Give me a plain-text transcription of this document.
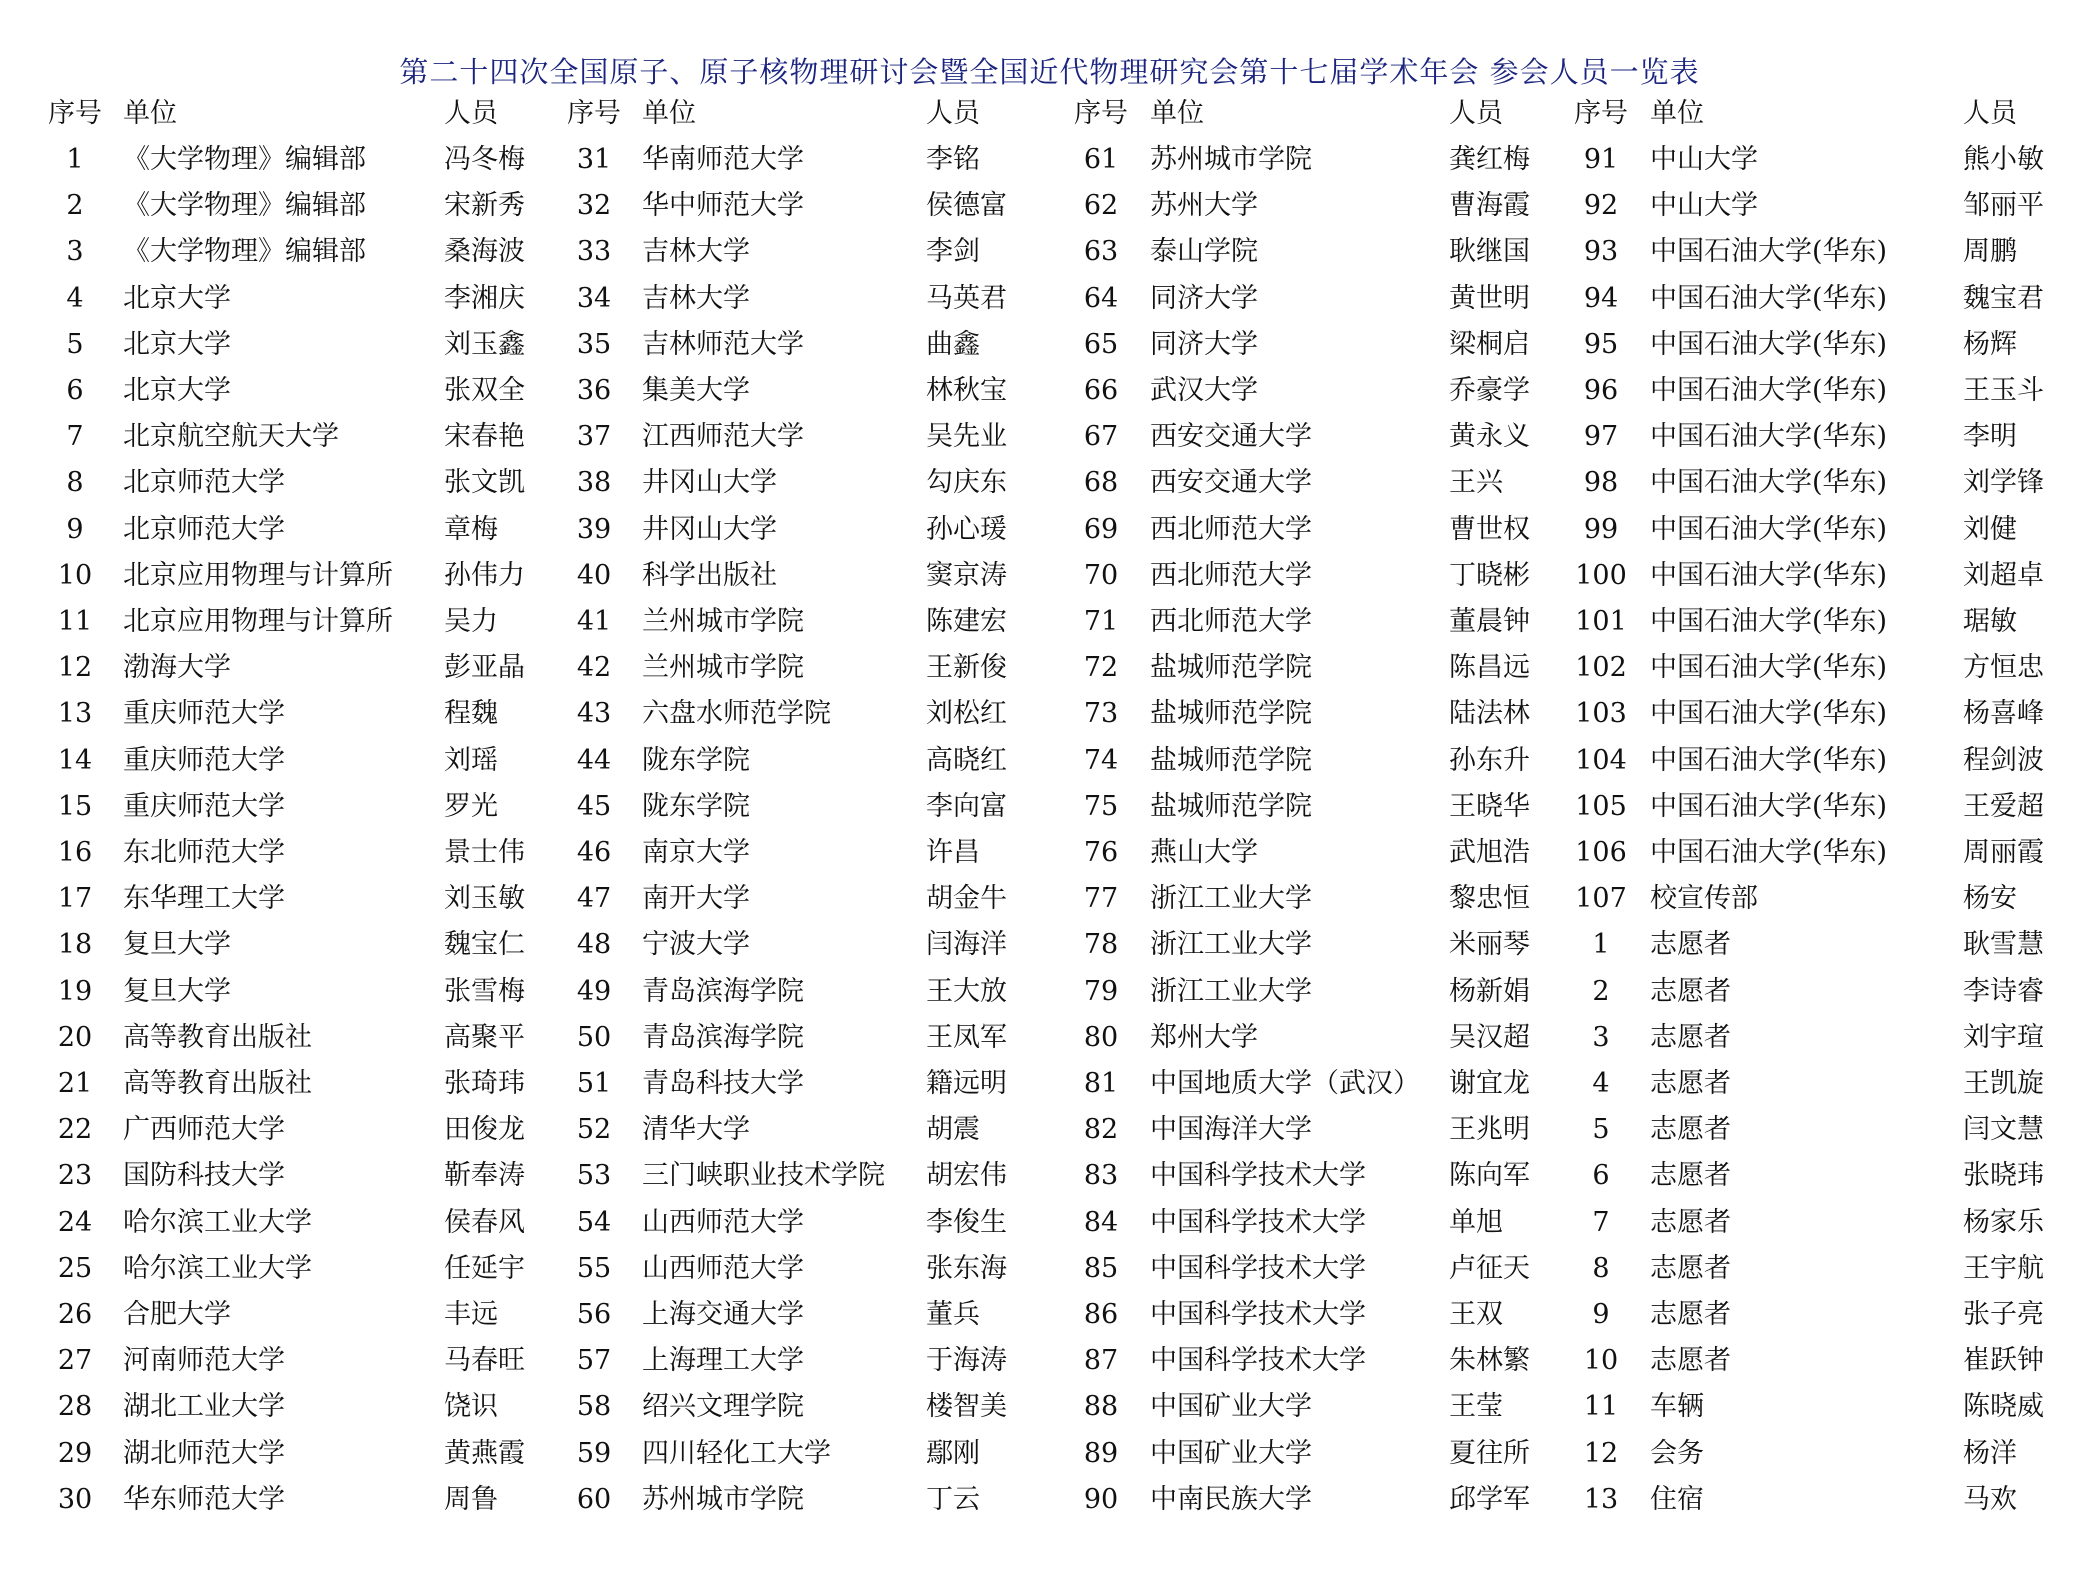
第二十四次全国原子、原子核物理研讨会暨全国近代物理研究会第十七届学术年会 参会人员一览表
序号 单位	人员	序号 单位	人员	序号 单位	人员	序号 单位	人员
1	《大学物理》编辑部	冯冬梅	31	华南师范大学	李铭	61	苏州城市学院	龚红梅	91	中山大学	熊小敏
2	《大学物理》编辑部	宋新秀	32	华中师范大学	侯德富	62	苏州大学	曹海霞	92	中山大学	邹丽平
3	《大学物理》编辑部	桑海波	33	吉林大学	李剑	63	泰山学院	耿继国	93	中国石油大学(华东)	周鹏
4	北京大学	李湘庆	34	吉林大学	马英君	64	同济大学	黄世明	94	中国石油大学(华东)	魏宝君
5	北京大学	刘玉鑫	35	吉林师范大学	曲鑫	65	同济大学	梁桐启	95	中国石油大学(华东)	杨辉
6	北京大学	张双全	36	集美大学	林秋宝	66	武汉大学	乔豪学	96	中国石油大学(华东)	王玉斗
7	北京航空航天大学	宋春艳	37	江西师范大学	吴先业	67	西安交通大学	黄永义	97	中国石油大学(华东)	李明
8	北京师范大学	张文凯	38	井冈山大学	勾庆东	68	西安交通大学	王兴	98	中国石油大学(华东)	刘学锋
9	北京师范大学	章梅	39	井冈山大学	孙心瑗	69	西北师范大学	曹世权	99	中国石油大学(华东)	刘健
10	北京应用物理与计算所 孙伟力	40	科学出版社	窦京涛	70	西北师范大学	丁晓彬	100 中国石油大学(华东)	刘超卓
11	北京应用物理与计算所 吴力	41	兰州城市学院	陈建宏	71	西北师范大学	董晨钟	101 中国石油大学(华东)	琚敏
12	渤海大学	彭亚晶	42	兰州城市学院	王新俊	72	盐城师范学院	陈昌远	102 中国石油大学(华东)	方恒忠
13	重庆师范大学	程魏	43	六盘水师范学院	刘松红	73	盐城师范学院	陆法林	103 中国石油大学(华东)	杨喜峰
14	重庆师范大学	刘瑶	44	陇东学院	高晓红	74	盐城师范学院	孙东升	104 中国石油大学(华东)	程剑波
15	重庆师范大学	罗光	45	陇东学院	李向富	75	盐城师范学院	王晓华	105 中国石油大学(华东)	王爱超
16	东北师范大学	景士伟	46	南京大学	许昌	76	燕山大学	武旭浩	106 中国石油大学(华东)	周丽霞
17	东华理工大学	刘玉敏	47	南开大学	胡金牛	77	浙江工业大学	黎忠恒	107 校宣传部	杨安
18	复旦大学	魏宝仁	48	宁波大学	闫海洋	78	浙江工业大学	米丽琴	1	志愿者	耿雪慧
19	复旦大学	张雪梅	49	青岛滨海学院	王大放	79	浙江工业大学	杨新娟	2	志愿者	李诗睿
20	高等教育出版社	高聚平	50	青岛滨海学院	王凤军	80	郑州大学	吴汉超	3	志愿者	刘宇瑄
21	高等教育出版社	张琦玮	51	青岛科技大学	籍远明	81	中国地质大学（武汉） 谢宜龙	4	志愿者	王凯旋
22	广西师范大学	田俊龙	52	清华大学	胡震	82	中国海洋大学	王兆明	5	志愿者	闫文慧
23	国防科技大学	靳奉涛	53	三门峡职业技术学院 胡宏伟	83	中国科学技术大学	陈向军	6	志愿者	张晓玮
24	哈尔滨工业大学	侯春风	54	山西师范大学	李俊生	84	中国科学技术大学	单旭	7	志愿者	杨家乐
25	哈尔滨工业大学	任延宇	55	山西师范大学	张东海	85	中国科学技术大学	卢征天	8	志愿者	王宇航
26	合肥大学	丰远	56	上海交通大学	董兵	86	中国科学技术大学	王双	9	志愿者	张子亮
27	河南师范大学	马春旺	57	上海理工大学	于海涛	87	中国科学技术大学	朱林繁	10	志愿者	崔跃钟
28	湖北工业大学	饶识	58	绍兴文理学院	楼智美	88	中国矿业大学	王莹	11	车辆	陈晓威
29	湖北师范大学	黄燕霞	59	四川轻化工大学	鄢刚	89	中国矿业大学	夏往所	12	会务	杨洋
30	华东师范大学	周鲁	60	苏州城市学院	丁云	90	中南民族大学	邱学军	13	住宿	马欢
